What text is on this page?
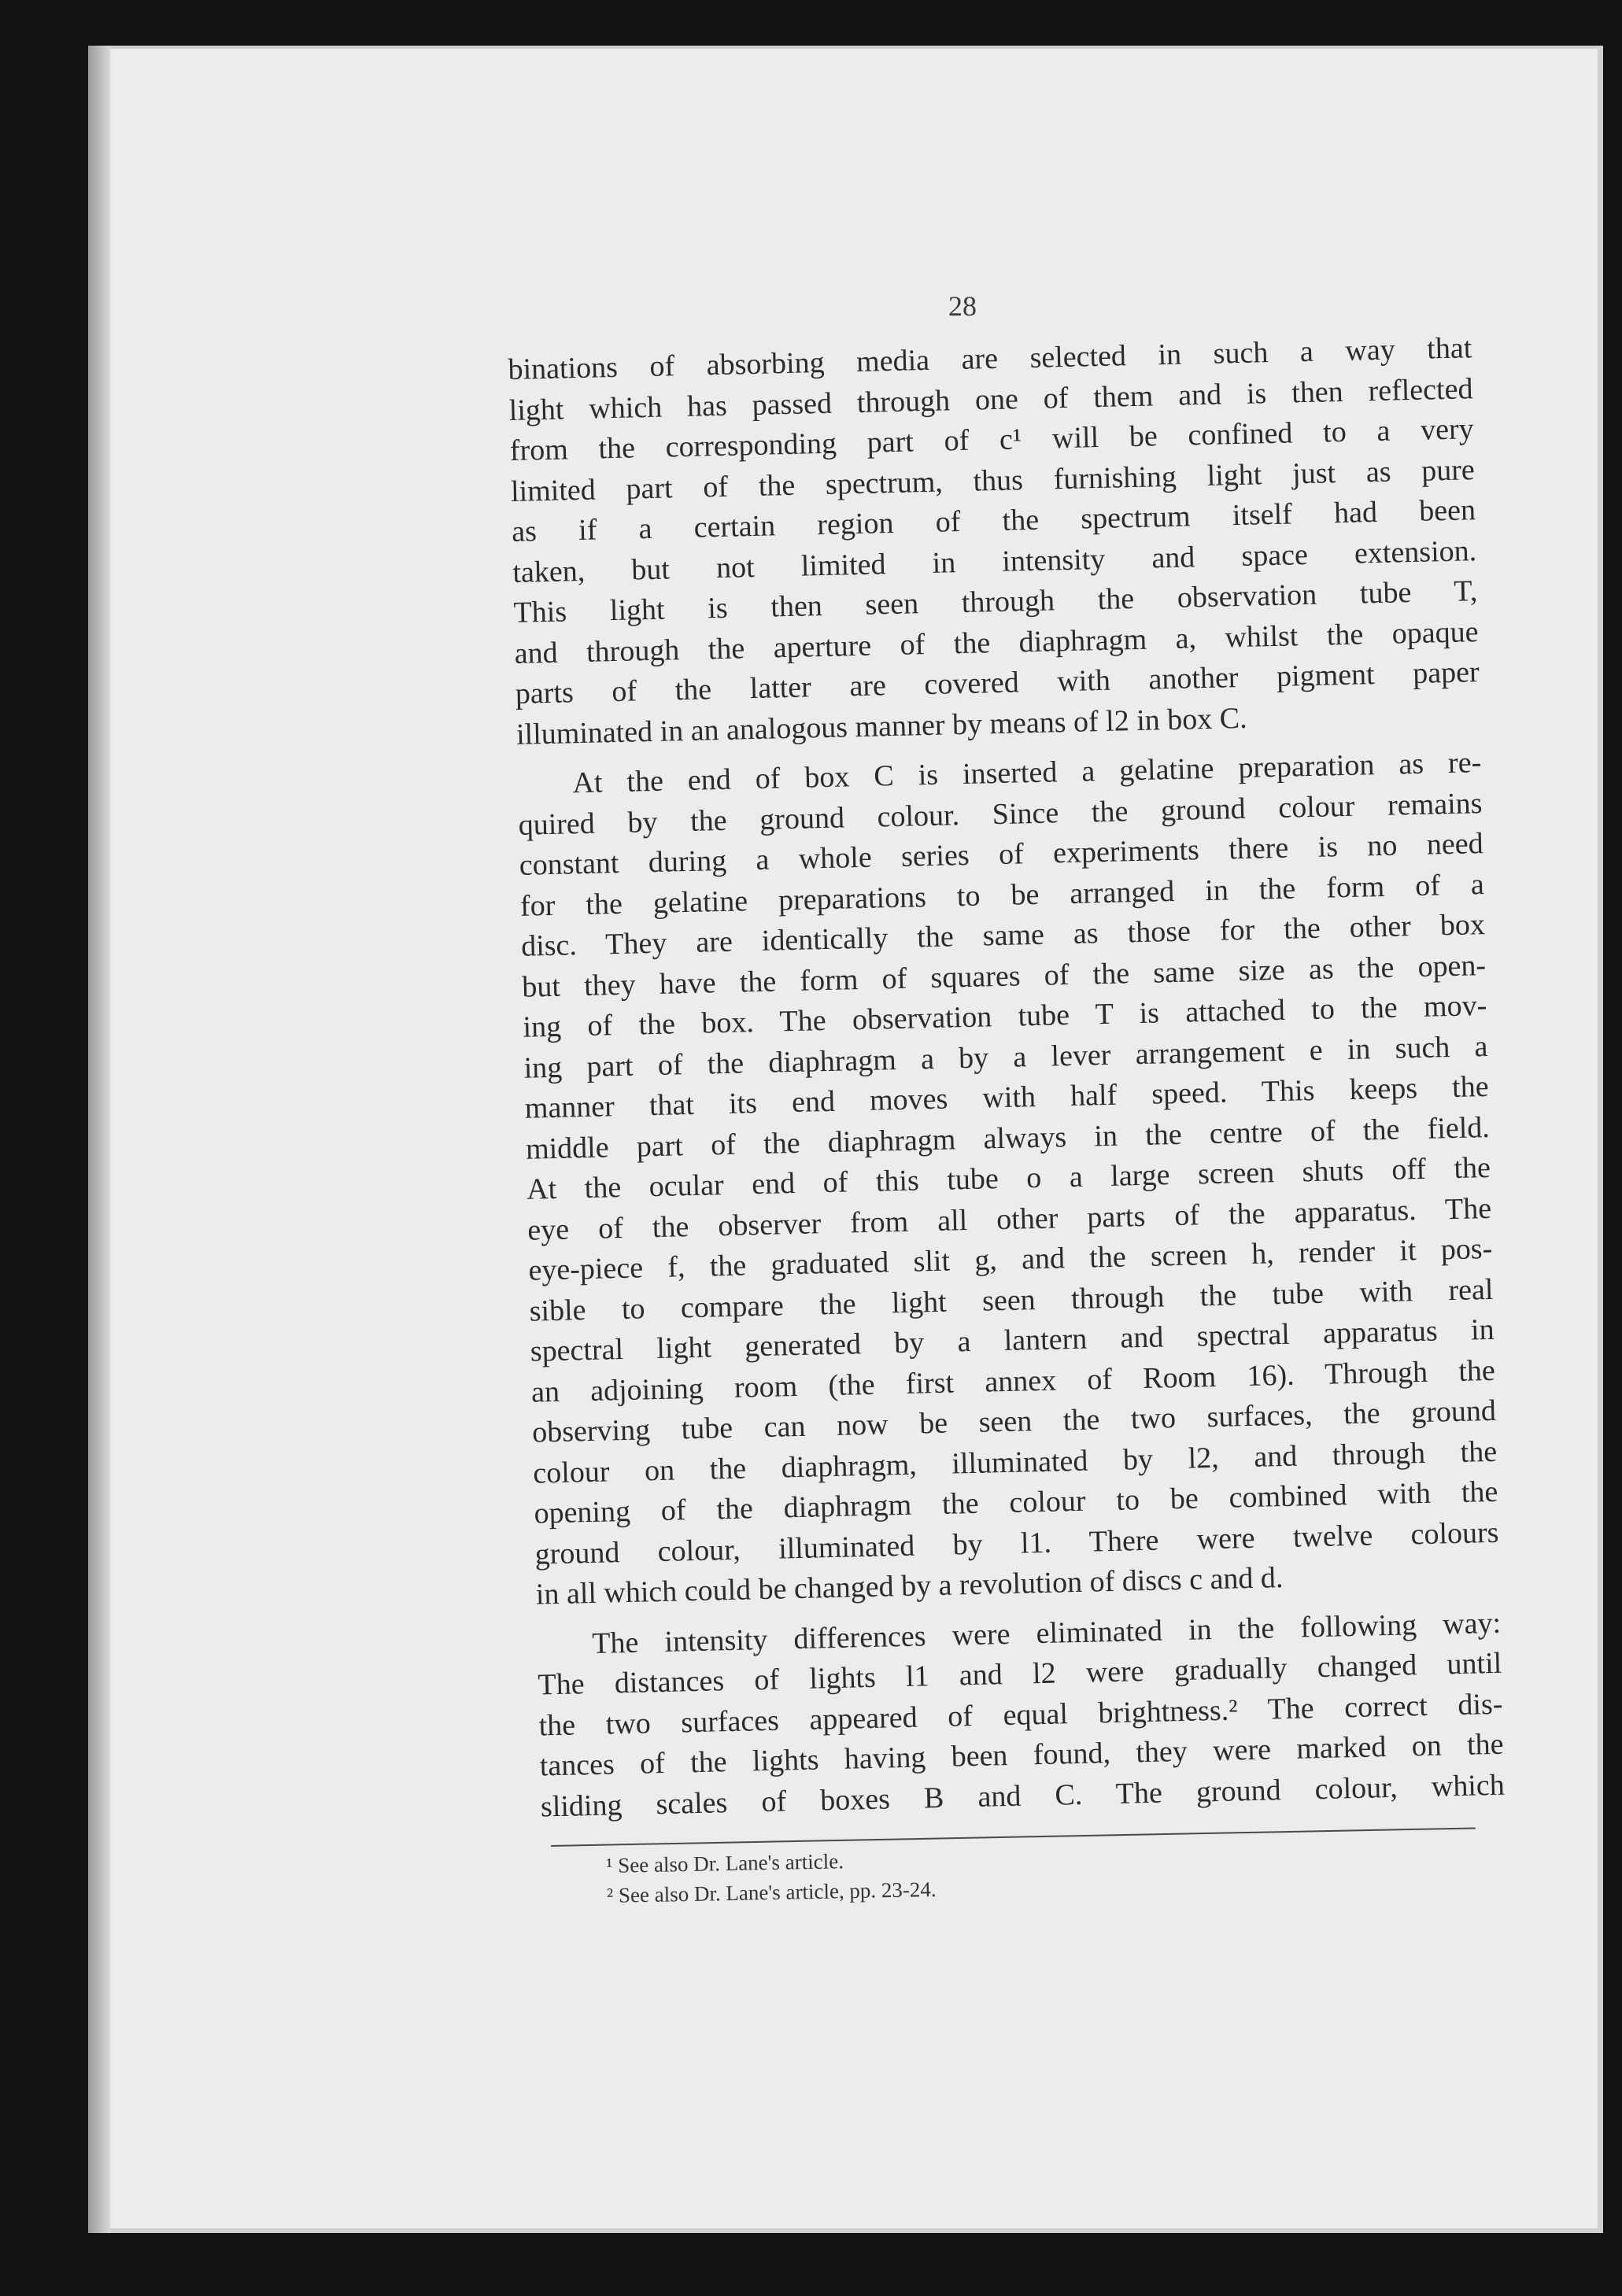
28
binations of absorbing media are selected in such a way that
light which has passed through one of them and is then reflected
from the corresponding part of c¹ will be confined to a very
limited part of the spectrum, thus furnishing light just as pure
as if a certain region of the spectrum itself had been
taken, but not limited in intensity and space extension.
This light is then seen through the observation tube T,
and through the aperture of the diaphragm a, whilst the opaque
parts of the latter are covered with another pigment paper
illuminated in an analogous manner by means of l2 in box C.
At the end of box C is inserted a gelatine preparation as re-
quired by the ground colour. Since the ground colour remains
constant during a whole series of experiments there is no need
for the gelatine preparations to be arranged in the form of a
disc. They are identically the same as those for the other box
but they have the form of squares of the same size as the open-
ing of the box. The observation tube T is attached to the mov-
ing part of the diaphragm a by a lever arrangement e in such a
manner that its end moves with half speed. This keeps the
middle part of the diaphragm always in the centre of the field.
At the ocular end of this tube o a large screen shuts off the
eye of the observer from all other parts of the apparatus. The
eye-piece f, the graduated slit g, and the screen h, render it pos-
sible to compare the light seen through the tube with real
spectral light generated by a lantern and spectral apparatus in
an adjoining room (the first annex of Room 16). Through the
observing tube can now be seen the two surfaces, the ground
colour on the diaphragm, illuminated by l2, and through the
opening of the diaphragm the colour to be combined with the
ground colour, illuminated by l1. There were twelve colours
in all which could be changed by a revolution of discs c and d.
The intensity differences were eliminated in the following way:
The distances of lights l1 and l2 were gradually changed until
the two surfaces appeared of equal brightness.² The correct dis-
tances of the lights having been found, they were marked on the
sliding scales of boxes B and C. The ground colour, which
¹ See also Dr. Lane's article.
² See also Dr. Lane's article, pp. 23-24.
